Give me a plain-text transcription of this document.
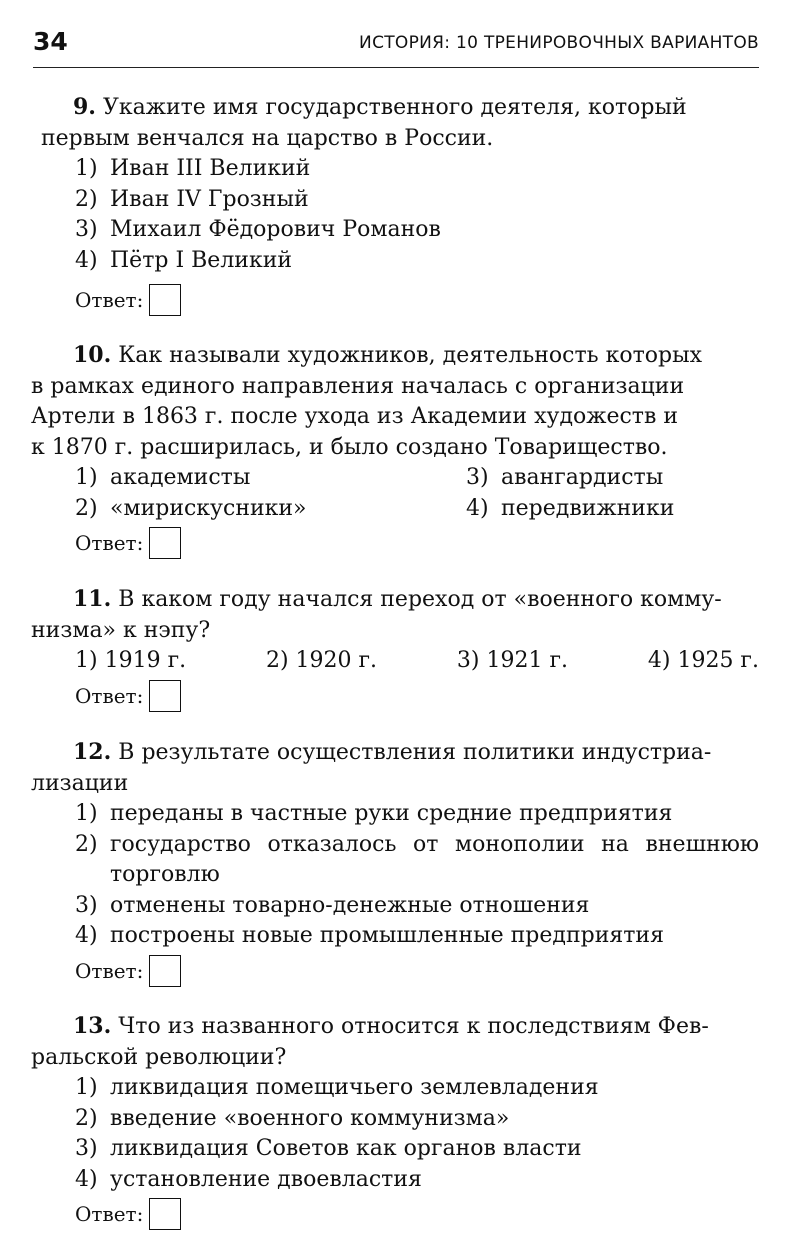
34	ИСТОРИЯ: 10 ТРЕНИРОВОЧНЫХ ВАРИАНТОВ
9. Укажите имя государственного деятеля, который
первым венчался на царство в России.
1) Иван III Великий
2) Иван IV Грозный
3) Михаил Фёдорович Романов
4) Пётр I Великий
Ответ:
10. Как называли художников, деятельность которых

в рамках единого направления началась с организации
Артели в 1863 г. после ухода из Академии художеств и
к 1870 г. расширилась, и было создано Товарищество.
1) академисты	3) авангардисты
2) «мирискусники»	4) передвижники
Ответ:
11. В каком году начался переход от «военного комму-

низма» к нэпу?
1) 1919 г.	2) 1920 г.	3) 1921 г.	4) 1925 г.
Ответ:
12. В результате осуществления политики индустриа-

лизации
1) переданы в частные руки средние предприятия
2) государство отказалось от монополии на внешнюю торговлю
3) отменены товарно-денежные отношения
4) построены новые промышленные предприятия
Ответ:
13. Что из названного относится к последствиям Фев-

ральской революции?
1) ликвидация помещичьего землевладения
2) введение «военного коммунизма»
3) ликвидация Советов как органов власти
4) установление двоевластия
Ответ:
